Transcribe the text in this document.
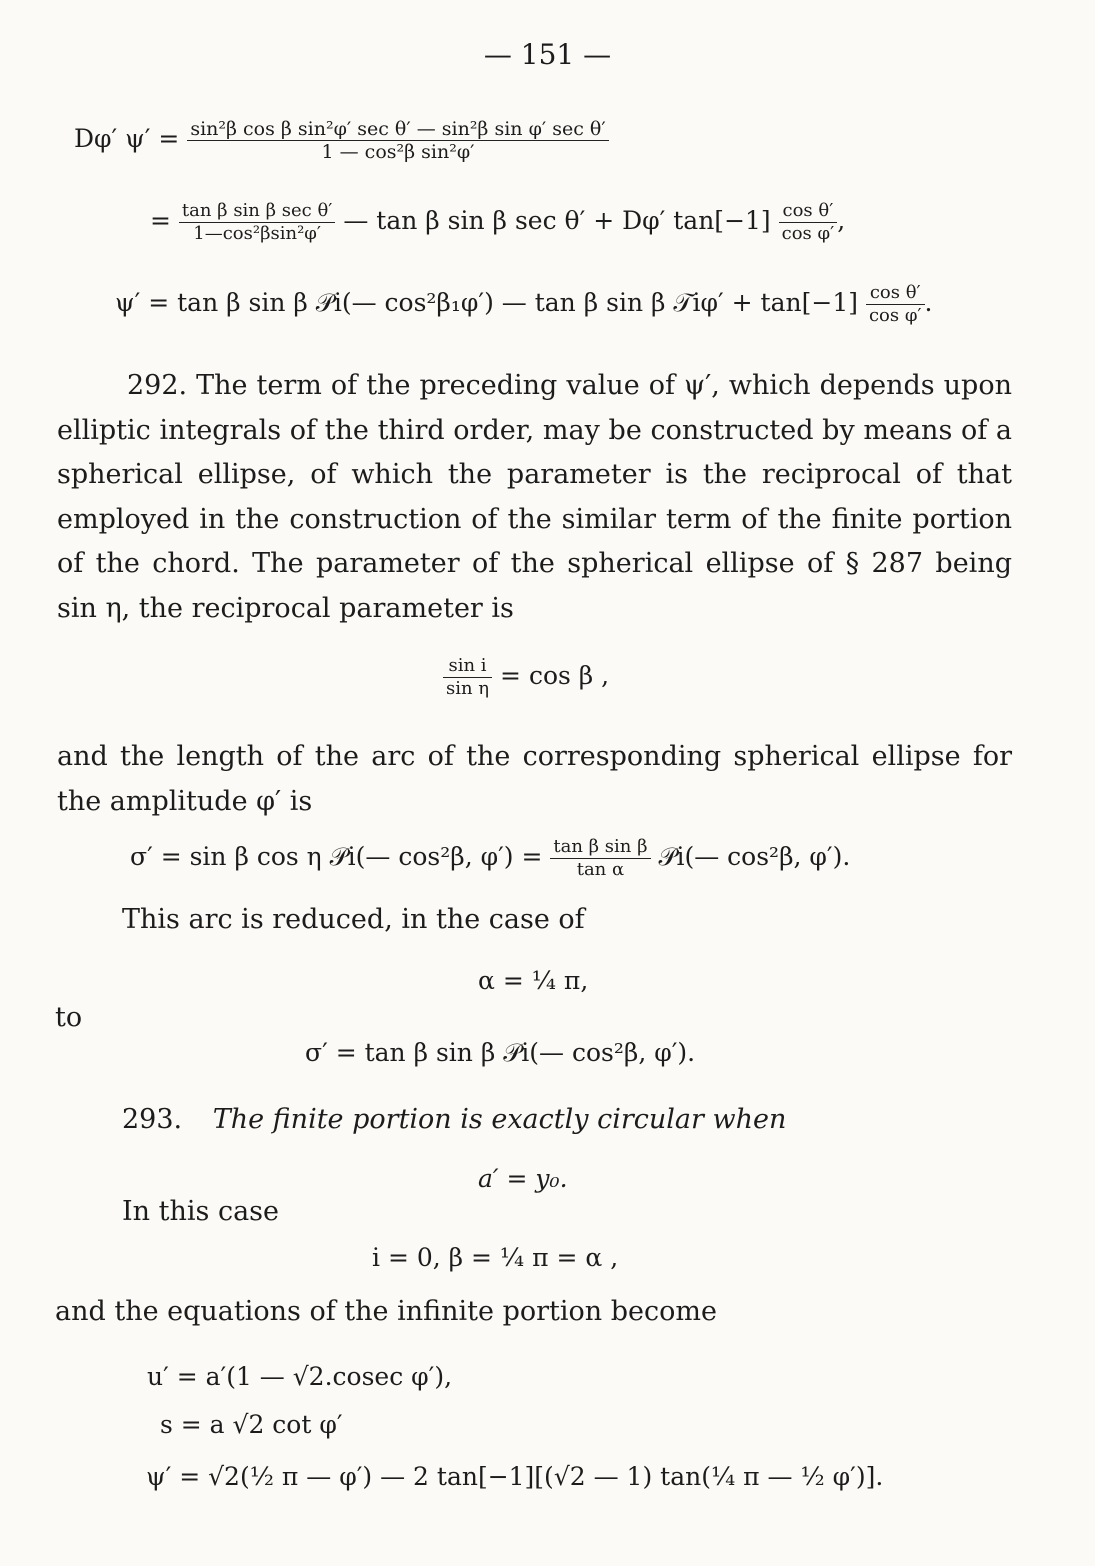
— 151 —
Dφ′ $\psi' = \frac{\text{sin²β cos β sin²φ′ sec θ′ — sin²β sin φ′ sec θ′}}{\text{1 — cos²β sin²φ′}}$
= $\frac{\text{tan β sin β sec θ′}}{\text{1—cos²βsin²φ′}}$ — tan β sin β sec θ′ + Dφ′ $\tan[-1] \frac{\text{cos θ′}}{\text{cos φ′}}$ ,
ψ′ = tan β sin β 𝒫i(— cos²β₁φ′) — tan β sin β 𝒯iφ′ + $\tan[-1] \frac{\text{cos θ′}}{\text{cos φ′}}$ .
292. The term of the preceding value of ψ′, which depends upon elliptic integrals of the third order, may be constructed by means of a spherical ellipse, of which the parameter is the reciprocal of that employed in the construction of the similar term of the finite portion of the chord. The parameter of the spherical ellipse of § 287 being sin η, the reciprocal parameter is
$\frac{\text{sin i}}{\text{sin η}} = \cos \beta$ ,
and the length of the arc of the corresponding spherical ellipse for the amplitude φ′ is
σ′ = sin β cos η 𝒫i(— cos²β, $\varphi') = \frac{\text{tan β sin β}}{\text{tan α}}$ 𝒫i(— cos²β, φ′).
This arc is reduced, in the case of
α = ¼ π,
to
σ′ = tan β sin β 𝒫i(— cos²β, φ′).
293. The finite portion is exactly circular when
a′ = y₀.
In this case
i = 0, β = ¼ π = α ,
and the equations of the infinite portion become
u′ = a′(1 — √2.cosec φ′),
s = a √2 cot φ′
ψ′ = √2(½ π — φ′) — 2 tan[−1][(√2 — 1) tan(¼ π — ½ φ′)].
